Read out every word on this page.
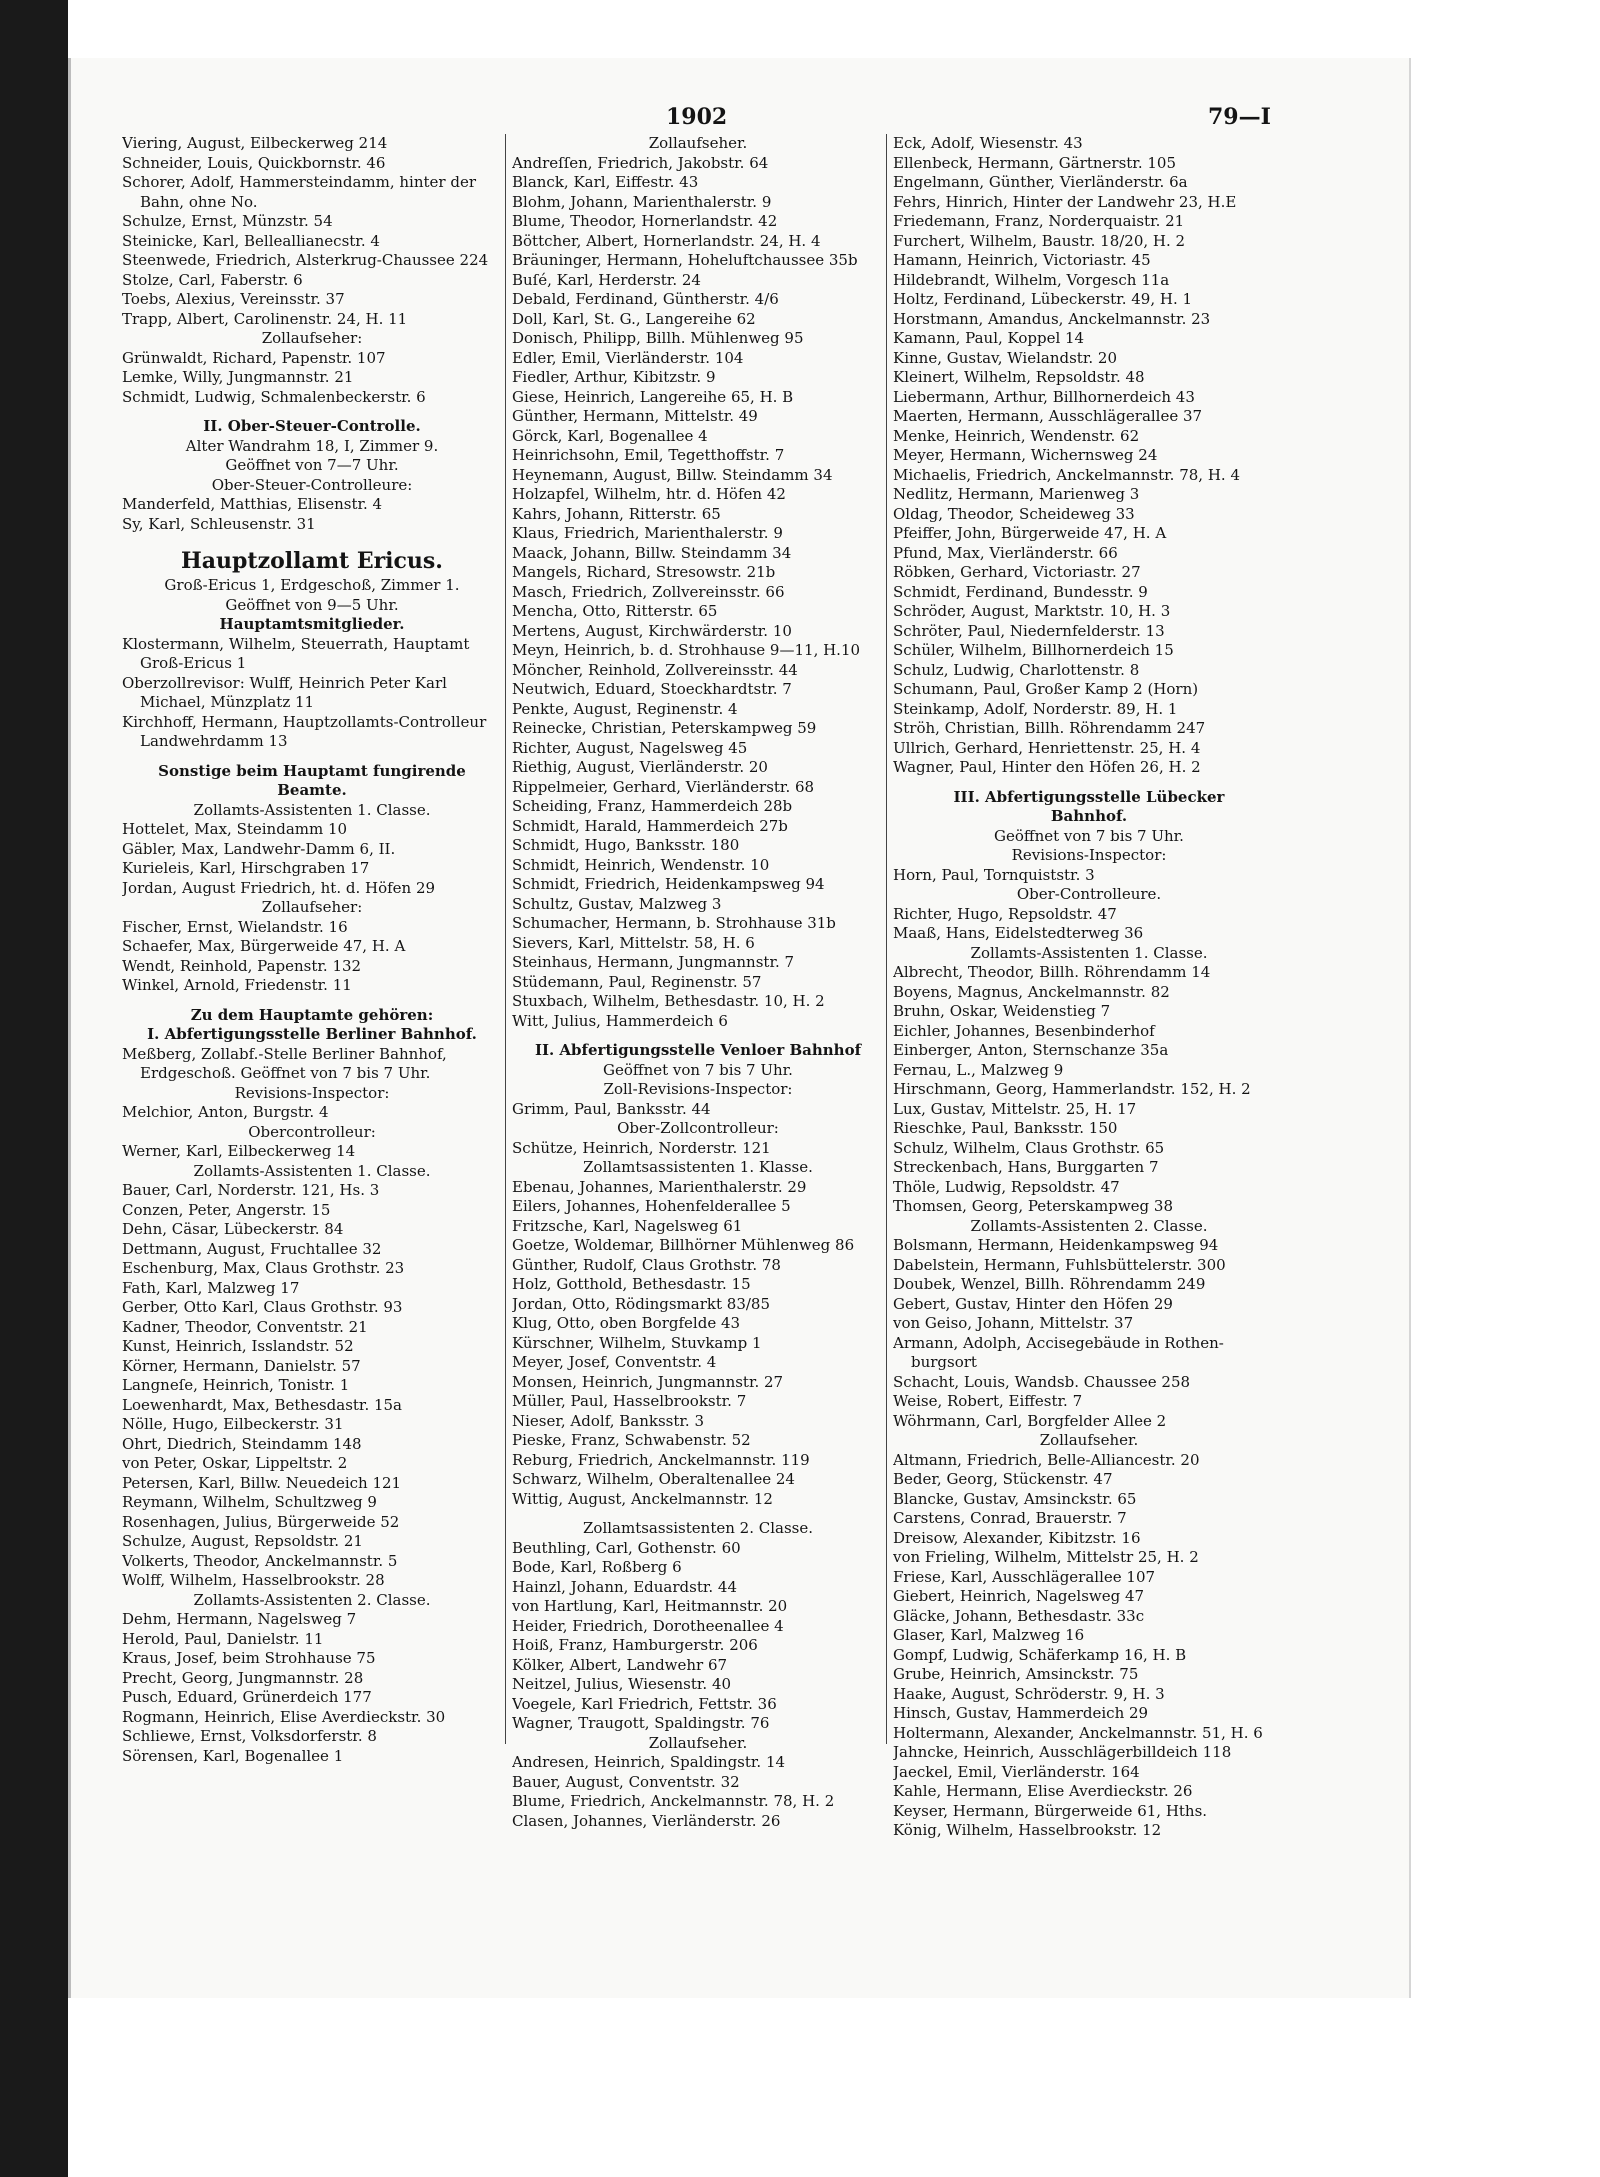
1902	79—I
Viering, August, Eilbeckerweg 214
Schneider, Louis, Quickbornstr. 46
Schorer, Adolf, Hammersteindamm, hinter der
Bahn, ohne No.
Schulze, Ernst, Münzstr. 54
Steinicke, Karl, Belleallianecstr. 4
Steenwede, Friedrich, Alsterkrug-Chaussee 224
Stolze, Carl, Faberstr. 6
Toebs, Alexius, Vereinsstr. 37
Trapp, Albert, Carolinenstr. 24, H. 11
Zollaufseher:
Grünwaldt, Richard, Papenstr. 107
Lemke, Willy, Jungmannstr. 21
Schmidt, Ludwig, Schmalenbeckerstr. 6
II. Ober-Steuer-Controlle.
Alter Wandrahm 18, I, Zimmer 9.
Geöffnet von 7—7 Uhr.
Ober-Steuer-Controlleure:
Manderfeld, Matthias, Elisenstr. 4
Sy, Karl, Schleusenstr. 31
Hauptzollamt Ericus.
Groß-Ericus 1, Erdgeschoß, Zimmer 1.
Geöffnet von 9—5 Uhr.
Hauptamtsmitglieder.
Klostermann, Wilhelm, Steuerrath, Hauptamt
Groß-Ericus 1
Oberzollrevisor: Wulff, Heinrich Peter Karl
Michael, Münzplatz 11
Kirchhoff, Hermann, Hauptzollamts-Controlleur
Landwehrdamm 13
Sonstige beim Hauptamt fungirende
Beamte.
Zollamts-Assistenten 1. Classe.
Hottelet, Max, Steindamm 10
Gäbler, Max, Landwehr-Damm 6, II.
Kurieleis, Karl, Hirschgraben 17
Jordan, August Friedrich, ht. d. Höfen 29
Zollaufseher:
Fischer, Ernst, Wielandstr. 16
Schaefer, Max, Bürgerweide 47, H. A
Wendt, Reinhold, Papenstr. 132
Winkel, Arnold, Friedenstr. 11
Zu dem Hauptamte gehören:
I. Abfertigungsstelle Berliner Bahnhof.
Meßberg, Zollabf.-Stelle Berliner Bahnhof,
Erdgeschoß. Geöffnet von 7 bis 7 Uhr.
Revisions-Inspector:
Melchior, Anton, Burgstr. 4
Obercontrolleur:
Werner, Karl, Eilbeckerweg 14
Zollamts-Assistenten 1. Classe.
Bauer, Carl, Norderstr. 121, Hs. 3
Conzen, Peter, Angerstr. 15
Dehn, Cäsar, Lübeckerstr. 84
Dettmann, August, Fruchtallee 32
Eschenburg, Max, Claus Grothstr. 23
Fath, Karl, Malzweg 17
Gerber, Otto Karl, Claus Grothstr. 93
Kadner, Theodor, Conventstr. 21
Kunst, Heinrich, Isslandstr. 52
Körner, Hermann, Danielstr. 57
Langneſe, Heinrich, Tonistr. 1
Loewenhardt, Max, Bethesdastr. 15a
Nölle, Hugo, Eilbeckerstr. 31
Ohrt, Diedrich, Steindamm 148
von Peter, Oskar, Lippeltstr. 2
Petersen, Karl, Billw. Neuedeich 121
Reymann, Wilhelm, Schultzweg 9
Rosenhagen, Julius, Bürgerweide 52
Schulze, August, Repsoldstr. 21
Volkerts, Theodor, Anckelmannstr. 5
Wolff, Wilhelm, Hasselbrookstr. 28
Zollamts-Assistenten 2. Classe.
Dehm, Hermann, Nagelsweg 7
Herold, Paul, Danielstr. 11
Kraus, Josef, beim Strohhause 75
Precht, Georg, Jungmannstr. 28
Pusch, Eduard, Grünerdeich 177
Rogmann, Heinrich, Elise Averdieckstr. 30
Schliewe, Ernst, Volksdorferstr. 8
Sörensen, Karl, Bogenallee 1
Zollaufseher.
Andreſſen, Friedrich, Jakobstr. 64
Blanck, Karl, Eiffestr. 43
Blohm, Johann, Marienthalerstr. 9
Blume, Theodor, Hornerlandstr. 42
Böttcher, Albert, Hornerlandstr. 24, H. 4
Bräuninger, Hermann, Hoheluftchaussee 35b
Buſé, Karl, Herderstr. 24
Debald, Ferdinand, Güntherstr. 4/6
Doll, Karl, St. G., Langereihe 62
Donisch, Philipp, Billh. Mühlenweg 95
Edler, Emil, Vierländerstr. 104
Fiedler, Arthur, Kibitzstr. 9
Giese, Heinrich, Langereihe 65, H. B
Günther, Hermann, Mittelstr. 49
Görck, Karl, Bogenallee 4
Heinrichsohn, Emil, Tegetthoffstr. 7
Heynemann, August, Billw. Steindamm 34
Holzapfel, Wilhelm, htr. d. Höfen 42
Kahrs, Johann, Ritterstr. 65
Klaus, Friedrich, Marienthalerstr. 9
Maack, Johann, Billw. Steindamm 34
Mangels, Richard, Stresowstr. 21b
Masch, Friedrich, Zollvereinsstr. 66
Mencha, Otto, Ritterstr. 65
Mertens, August, Kirchwärderstr. 10
Meyn, Heinrich, b. d. Strohhause 9—11, H.10
Möncher, Reinhold, Zollvereinsstr. 44
Neutwich, Eduard, Stoeckhardtstr. 7
Penkte, August, Reginenstr. 4
Reinecke, Christian, Peterskampweg 59
Richter, August, Nagelsweg 45
Riethig, August, Vierländerstr. 20
Rippelmeier, Gerhard, Vierländerstr. 68
Scheiding, Franz, Hammerdeich 28b
Schmidt, Harald, Hammerdeich 27b
Schmidt, Hugo, Banksstr. 180
Schmidt, Heinrich, Wendenstr. 10
Schmidt, Friedrich, Heidenkampsweg 94
Schultz, Gustav, Malzweg 3
Schumacher, Hermann, b. Strohhause 31b
Sievers, Karl, Mittelstr. 58, H. 6
Steinhaus, Hermann, Jungmannstr. 7
Stüdemann, Paul, Reginenstr. 57
Stuxbach, Wilhelm, Bethesdastr. 10, H. 2
Witt, Julius, Hammerdeich 6
II. Abfertigungsstelle Venloer Bahnhof
Geöffnet von 7 bis 7 Uhr.
Zoll-Revisions-Inspector:
Grimm, Paul, Banksstr. 44
Ober-Zollcontrolleur:
Schütze, Heinrich, Norderstr. 121
Zollamtsassistenten 1. Klasse.
Ebenau, Johannes, Marienthalerstr. 29
Eilers, Johannes, Hohenfelderallee 5
Fritzsche, Karl, Nagelsweg 61
Goetze, Woldemar, Billhörner Mühlenweg 86
Günther, Rudolf, Claus Grothstr. 78
Holz, Gotthold, Bethesdastr. 15
Jordan, Otto, Rödingsmarkt 83/85
Klug, Otto, oben Borgfelde 43
Kürschner, Wilhelm, Stuvkamp 1
Meyer, Josef, Conventstr. 4
Monsen, Heinrich, Jungmannstr. 27
Müller, Paul, Hasselbrookstr. 7
Nieser, Adolf, Banksstr. 3
Pieske, Franz, Schwabenstr. 52
Reburg, Friedrich, Anckelmannstr. 119
Schwarz, Wilhelm, Oberaltenallee 24
Wittig, August, Anckelmannstr. 12
Zollamtsassistenten 2. Classe.
Beuthling, Carl, Gothenstr. 60
Bode, Karl, Roßberg 6
Hainzl, Johann, Eduardstr. 44
von Hartlung, Karl, Heitmannstr. 20
Heider, Friedrich, Dorotheenallee 4
Hoiß, Franz, Hamburgerstr. 206
Kölker, Albert, Landwehr 67
Neitzel, Julius, Wiesenstr. 40
Voegele, Karl Friedrich, Fettstr. 36
Wagner, Traugott, Spaldingstr. 76
Zollaufseher.
Andresen, Heinrich, Spaldingstr. 14
Bauer, August, Conventstr. 32
Blume, Friedrich, Anckelmannstr. 78, H. 2
Clasen, Johannes, Vierländerstr. 26
Eck, Adolf, Wiesenstr. 43
Ellenbeck, Hermann, Gärtnerstr. 105
Engelmann, Günther, Vierländerstr. 6a
Fehrs, Hinrich, Hinter der Landwehr 23, H.E
Friedemann, Franz, Norderquaistr. 21
Furchert, Wilhelm, Baustr. 18/20, H. 2
Hamann, Heinrich, Victoriastr. 45
Hildebrandt, Wilhelm, Vorgesch 11a
Holtz, Ferdinand, Lübeckerstr. 49, H. 1
Horstmann, Amandus, Anckelmannstr. 23
Kamann, Paul, Koppel 14
Kinne, Gustav, Wielandstr. 20
Kleinert, Wilhelm, Repsoldstr. 48
Liebermann, Arthur, Billhornerdeich 43
Maerten, Hermann, Ausschlägerallee 37
Menke, Heinrich, Wendenstr. 62
Meyer, Hermann, Wichernsweg 24
Michaelis, Friedrich, Anckelmannstr. 78, H. 4
Nedlitz, Hermann, Marienweg 3
Oldag, Theodor, Scheideweg 33
Pfeiffer, John, Bürgerweide 47, H. A
Pfund, Max, Vierländerstr. 66
Röbken, Gerhard, Victoriastr. 27
Schmidt, Ferdinand, Bundesstr. 9
Schröder, August, Marktstr. 10, H. 3
Schröter, Paul, Niedernfelderstr. 13
Schüler, Wilhelm, Billhornerdeich 15
Schulz, Ludwig, Charlottenstr. 8
Schumann, Paul, Großer Kamp 2 (Horn)
Steinkamp, Adolf, Norderstr. 89, H. 1
Ströh, Christian, Billh. Röhrendamm 247
Ullrich, Gerhard, Henriettenstr. 25, H. 4
Wagner, Paul, Hinter den Höfen 26, H. 2
III. Abfertigungsstelle Lübecker
Bahnhof.
Geöffnet von 7 bis 7 Uhr.
Revisions-Inspector:
Horn, Paul, Tornquiststr. 3
Ober-Controlleure.
Richter, Hugo, Repsoldstr. 47
Maaß, Hans, Eidelstedterweg 36
Zollamts-Assistenten 1. Classe.
Albrecht, Theodor, Billh. Röhrendamm 14
Boyens, Magnus, Anckelmannstr. 82
Bruhn, Oskar, Weidenstieg 7
Eichler, Johannes, Besenbinderhof
Einberger, Anton, Sternschanze 35a
Fernau, L., Malzweg 9
Hirschmann, Georg, Hammerlandstr. 152, H. 2
Lux, Gustav, Mittelstr. 25, H. 17
Rieschke, Paul, Banksstr. 150
Schulz, Wilhelm, Claus Grothstr. 65
Streckenbach, Hans, Burggarten 7
Thöle, Ludwig, Repsoldstr. 47
Thomsen, Georg, Peterskampweg 38
Zollamts-Assistenten 2. Classe.
Bolsmann, Hermann, Heidenkampsweg 94
Dabelstein, Hermann, Fuhlsbüttelerstr. 300
Doubek, Wenzel, Billh. Röhrendamm 249
Gebert, Gustav, Hinter den Höfen 29
von Geiso, Johann, Mittelstr. 37
Armann, Adolph, Accisegebäude in Rothen-
burgsort
Schacht, Louis, Wandsb. Chaussee 258
Weise, Robert, Eiffestr. 7
Wöhrmann, Carl, Borgfelder Allee 2
Zollaufseher.
Altmann, Friedrich, Belle-Alliancestr. 20
Beder, Georg, Stückenstr. 47
Blancke, Gustav, Amsinckstr. 65
Carstens, Conrad, Brauerstr. 7
Dreisow, Alexander, Kibitzstr. 16
von Frieling, Wilhelm, Mittelstr 25, H. 2
Friese, Karl, Ausschlägerallee 107
Giebert, Heinrich, Nagelsweg 47
Gläcke, Johann, Bethesdastr. 33c
Glaser, Karl, Malzweg 16
Gompf, Ludwig, Schäferkamp 16, H. B
Grube, Heinrich, Amsinckstr. 75
Haake, August, Schröderstr. 9, H. 3
Hinsch, Gustav, Hammerdeich 29
Holtermann, Alexander, Anckelmannstr. 51, H. 6
Jahncke, Heinrich, Ausschlägerbilldeich 118
Jaeckel, Emil, Vierländerstr. 164
Kahle, Hermann, Elise Averdieckstr. 26
Keyser, Hermann, Bürgerweide 61, Hths.
König, Wilhelm, Hasselbrookstr. 12
